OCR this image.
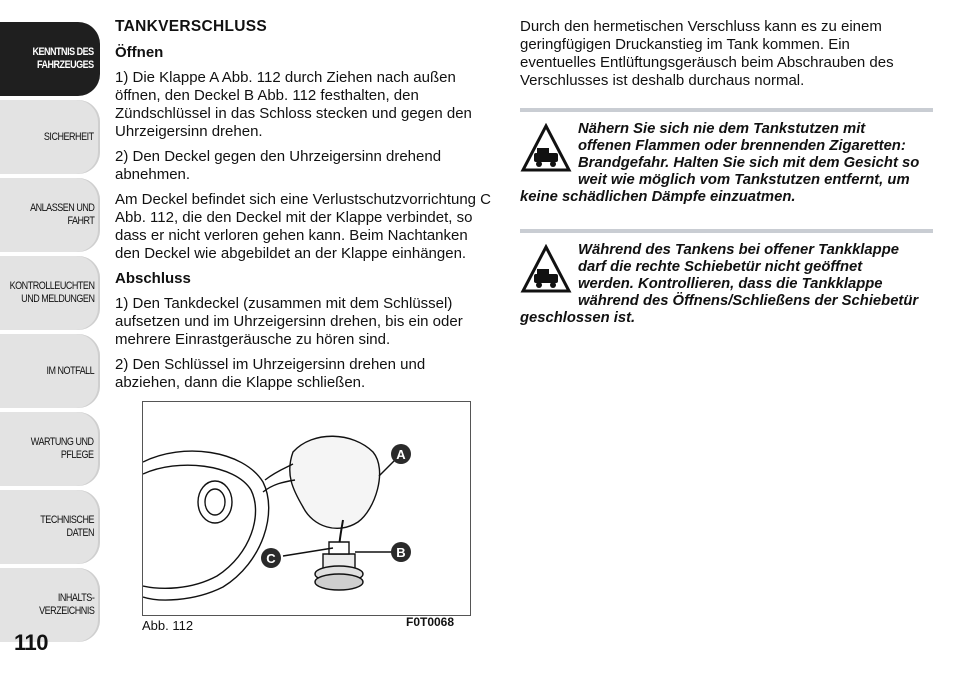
KENNTNIS DES
FAHRZEUGES
SICHERHEIT
ANLASSEN UND
FAHRT
KONTROLLEUCHTEN
UND MELDUNGEN
IM NOTFALL
WARTUNG UND
PFLEGE
TECHNISCHE DATEN
INHALTS-
VERZEICHNIS
110
TANKVERSCHLUSS
Öffnen

1) Die Klappe A Abb. 112 durch Ziehen nach außen öffnen, den Deckel B Abb. 112 festhalten, den Zündschlüssel in das Schloss stecken und gegen den Uhrzeigersinn drehen.

2) Den Deckel gegen den Uhrzeigersinn drehend abnehmen.

Am Deckel befindet sich eine Verlustschutzvorrichtung C Abb. 112, die den Deckel mit der Klappe verbindet, so dass er nicht verloren gehen kann. Beim Nachtanken den Deckel wie abgebildet an der Klappe einhängen.

Abschluss

1) Den Tankdeckel (zusammen mit dem Schlüssel) aufsetzen und im Uhrzeigersinn drehen, bis ein oder mehrere Einrastgeräusche zu hören sind.

2) Den Schlüssel im Uhrzeigersinn drehen und abziehen, dann die Klappe schließen.

A
B
C
Abb. 112	F0T0068

Durch den hermetischen Verschluss kann es zu einem geringfügigen Druckanstieg im Tank kommen. Ein eventuelles Entlüftungsgeräusch beim Abschrauben des Verschlusses ist deshalb durchaus normal.

Nähern Sie sich nie dem Tankstutzen mit offenen Flammen oder brennenden Zigaretten: Brandgefahr. Halten Sie sich mit dem Gesicht so weit wie möglich vom Tankstutzen entfernt, um keine schädlichen Dämpfe einzuatmen.
Während des Tankens bei offener Tankklappe darf die rechte Schiebetür nicht geöffnet werden. Kontrollieren, dass die Tankklappe während des Öffnens/Schließens der Schiebetür geschlossen ist.
